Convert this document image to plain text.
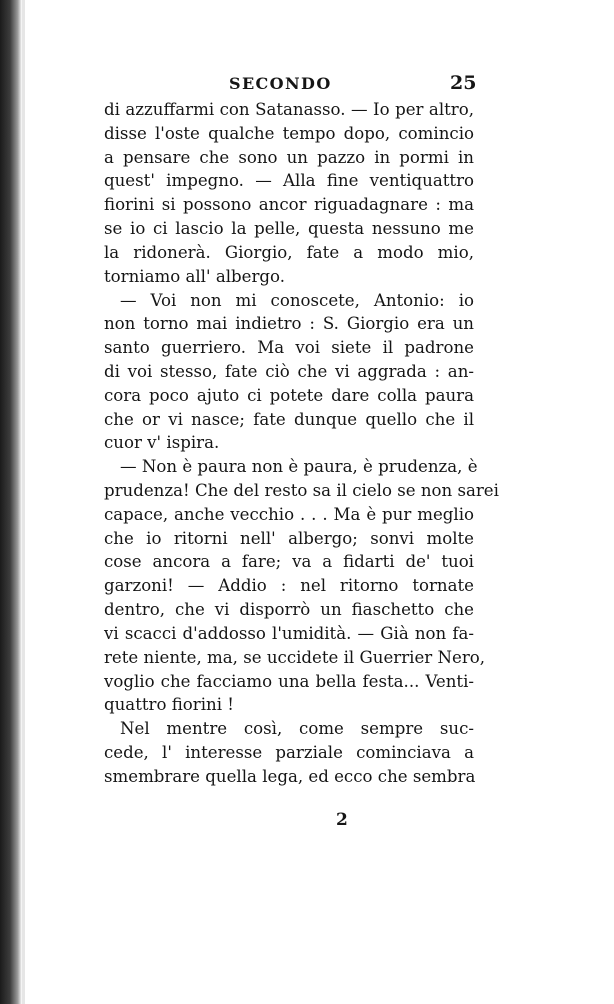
SECONDO	25
di azzuffarmi con Satanasso. — Io per altro,
disse l'oste qualche tempo dopo, comincio
a pensare che sono un pazzo in pormi in
quest' impegno. — Alla fine ventiquattro
fiorini si possono ancor riguadagnare : ma
se io ci lascio la pelle, questa nessuno me
la ridonerà. Giorgio, fate a modo mio,
torniamo all' albergo.
— Voi non mi conoscete, Antonio: io
non torno mai indietro : S. Giorgio era un
santo guerriero. Ma voi siete il padrone
di voi stesso, fate ciò che vi aggrada : an-
cora poco ajuto ci potete dare colla paura
che or vi nasce; fate dunque quello che il
cuor v' ispira.
— Non è paura non è paura, è prudenza, è
prudenza! Che del resto sa il cielo se non sarei
capace, anche vecchio . . . Ma è pur meglio
che io ritorni nell' albergo; sonvi molte
cose ancora a fare; va a fidarti de' tuoi
garzoni! — Addio : nel ritorno tornate
dentro, che vi disporrò un fiaschetto che
vi scacci d'addosso l'umidità. — Già non fa-
rete niente, ma, se uccidete il Guerrier Nero,
voglio che facciamo una bella festa... Venti-
quattro fiorini !
Nel mentre così, come sempre suc-
cede, l' interesse parziale cominciava a
smembrare quella lega, ed ecco che sembra
2
